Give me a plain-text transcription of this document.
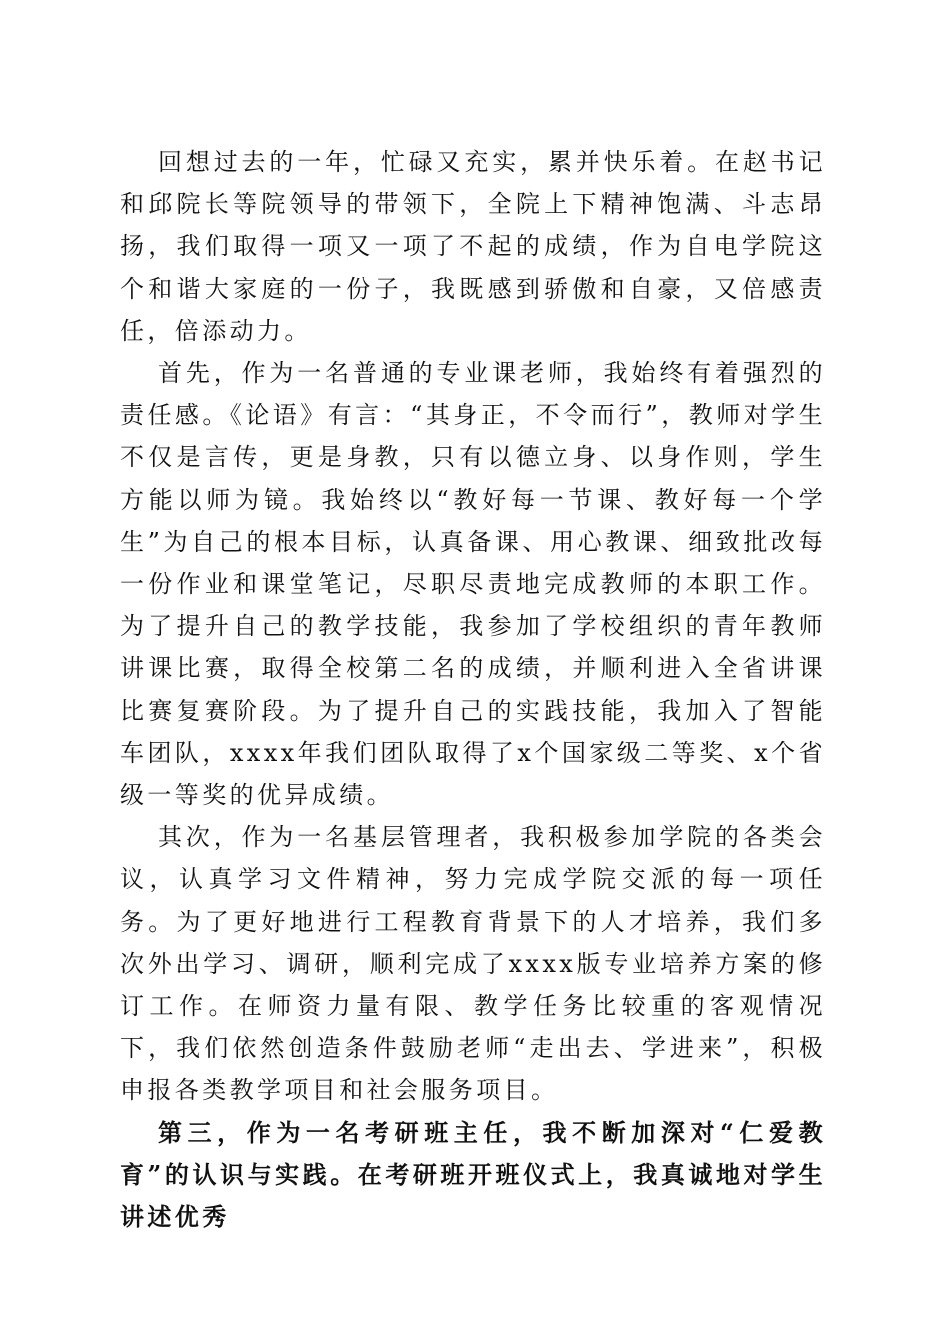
回想过去的一年，忙碌又充实，累并快乐着。在赵书记和邱院长等院领导的带领下，全院上下精神饱满、斗志昂扬，我们取得一项又一项了不起的成绩，作为自电学院这个和谐大家庭的一份子，我既感到骄傲和自豪，又倍感责任，倍添动力。

首先，作为一名普通的专业课老师，我始终有着强烈的责任感。《论语》有言：“其身正，不令而行”，教师对学生不仅是言传，更是身教，只有以德立身、以身作则，学生方能以师为镜。我始终以“教好每一节课、教好每一个学生”为自己的根本目标，认真备课、用心教课、细致批改每一份作业和课堂笔记，尽职尽责地完成教师的本职工作。为了提升自己的教学技能，我参加了学校组织的青年教师讲课比赛，取得全校第二名的成绩，并顺利进入全省讲课比赛复赛阶段。为了提升自己的实践技能，我加入了智能车团队，xxxx年我们团队取得了x个国家级二等奖、x个省级一等奖的优异成绩。

其次，作为一名基层管理者，我积极参加学院的各类会议，认真学习文件精神，努力完成学院交派的每一项任务。为了更好地进行工程教育背景下的人才培养，我们多次外出学习、调研，顺利完成了xxxx版专业培养方案的修订工作。在师资力量有限、教学任务比较重的客观情况下，我们依然创造条件鼓励老师“走出去、学进来”，积极申报各类教学项目和社会服务项目。

第三，作为一名考研班主任，我不断加深对“仁爱教育”的认识与实践。在考研班开班仪式上，我真诚地对学生讲述优秀
